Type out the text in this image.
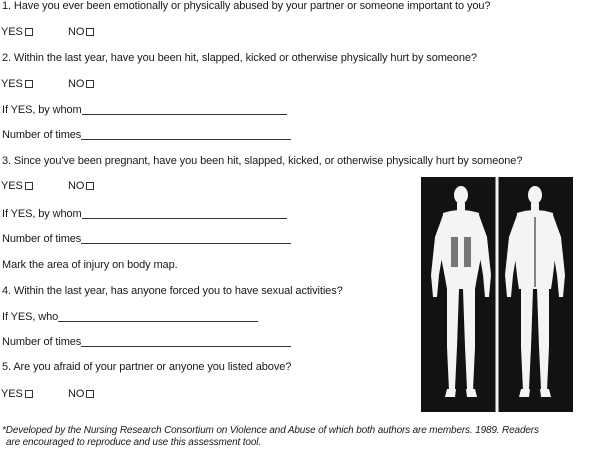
1. Have you ever been emotionally or physically abused by your partner or someone important to you?
YES	NO
2. Within the last year, have you been hit, slapped, kicked or otherwise physically hurt by someone?
YES	NO
If YES, by whom
Number of times
3. Since you've been pregnant, have you been hit, slapped, kicked, or otherwise physically hurt by someone?
YES	NO
If YES, by whom
Number of times
Mark the area of injury on body map.
4. Within the last year, has anyone forced you to have sexual activities?
If YES, who
Number of times
5. Are you afraid of your partner or anyone you listed above?
YES	NO
*Developed by the Nursing Research Consortium on Violence and Abuse of which both authors are members. 1989. Readers
are encouraged to reproduce and use this assessment tool.
